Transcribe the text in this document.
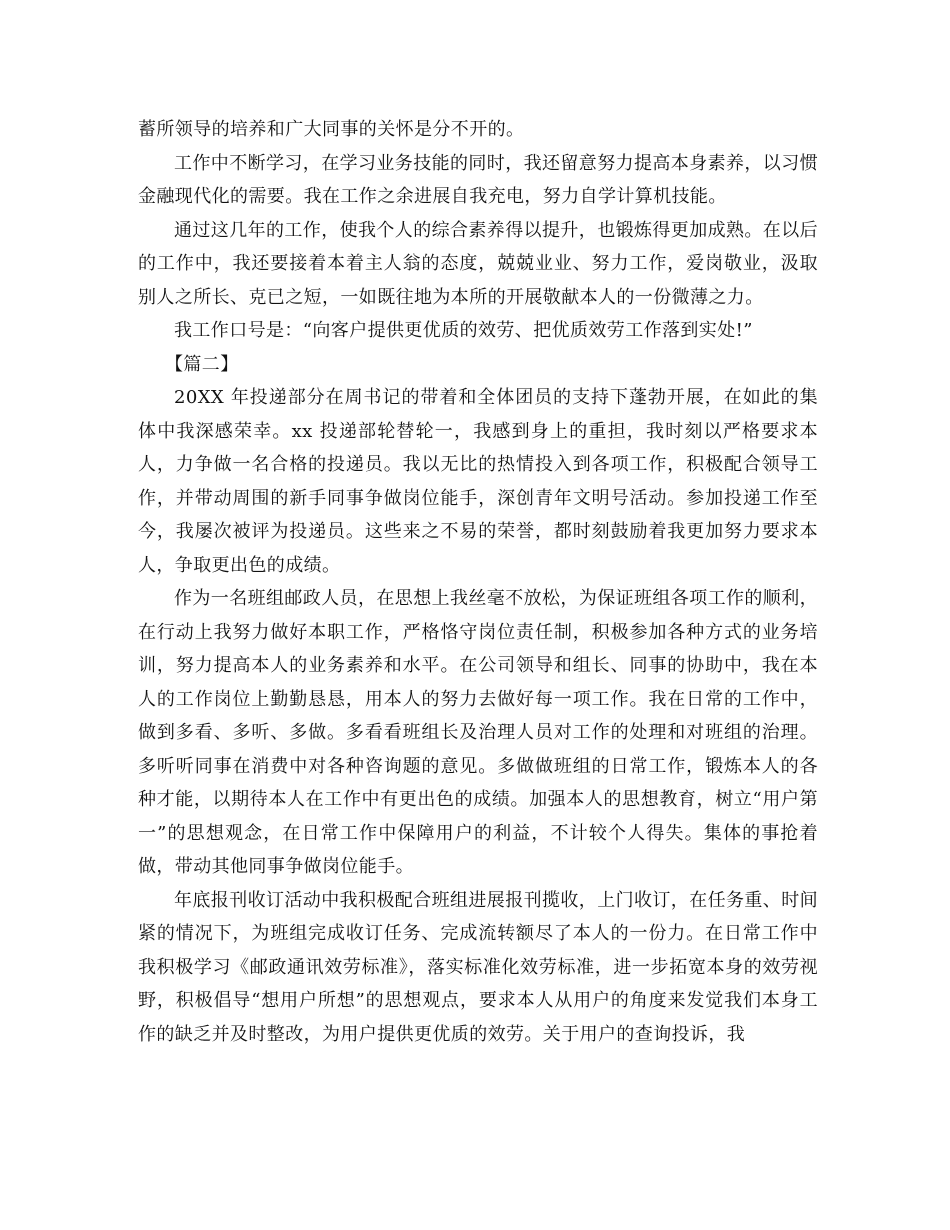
蓄所领导的培养和广大同事的关怀是分不开的。

工作中不断学习，在学习业务技能的同时，我还留意努力提高本身素养，以习惯金融现代化的需要。我在工作之余进展自我充电，努力自学计算机技能。

通过这几年的工作，使我个人的综合素养得以提升，也锻炼得更加成熟。在以后的工作中，我还要接着本着主人翁的态度，兢兢业业、努力工作，爱岗敬业，汲取别人之所长、克已之短，一如既往地为本所的开展敬献本人的一份微薄之力。

我工作口号是：“向客户提供更优质的效劳、把优质效劳工作落到实处!”

【篇二】

20XX 年投递部分在周书记的带着和全体团员的支持下蓬勃开展，在如此的集体中我深感荣幸。xx 投递部轮替轮一，我感到身上的重担，我时刻以严格要求本人，力争做一名合格的投递员。我以无比的热情投入到各项工作，积极配合领导工作，并带动周围的新手同事争做岗位能手，深创青年文明号活动。参加投递工作至今，我屡次被评为投递员。这些来之不易的荣誉，都时刻鼓励着我更加努力要求本人，争取更出色的成绩。

作为一名班组邮政人员，在思想上我丝毫不放松，为保证班组各项工作的顺利，在行动上我努力做好本职工作，严格恪守岗位责任制，积极参加各种方式的业务培训，努力提高本人的业务素养和水平。在公司领导和组长、同事的协助中，我在本人的工作岗位上勤勤恳恳，用本人的努力去做好每一项工作。我在日常的工作中，做到多看、多听、多做。多看看班组长及治理人员对工作的处理和对班组的治理。多听听同事在消费中对各种咨询题的意见。多做做班组的日常工作，锻炼本人的各种才能，以期待本人在工作中有更出色的成绩。加强本人的思想教育，树立“用户第一”的思想观念，在日常工作中保障用户的利益，不计较个人得失。集体的事抢着做，带动其他同事争做岗位能手。

年底报刊收订活动中我积极配合班组进展报刊揽收，上门收订，在任务重、时间紧的情况下，为班组完成收订任务、完成流转额尽了本人的一份力。在日常工作中我积极学习《邮政通讯效劳标准》，落实标准化效劳标准，进一步拓宽本身的效劳视野，积极倡导“想用户所想”的思想观点，要求本人从用户的角度来发觉我们本身工作的缺乏并及时整改，为用户提供更优质的效劳。关于用户的查询投诉，我
